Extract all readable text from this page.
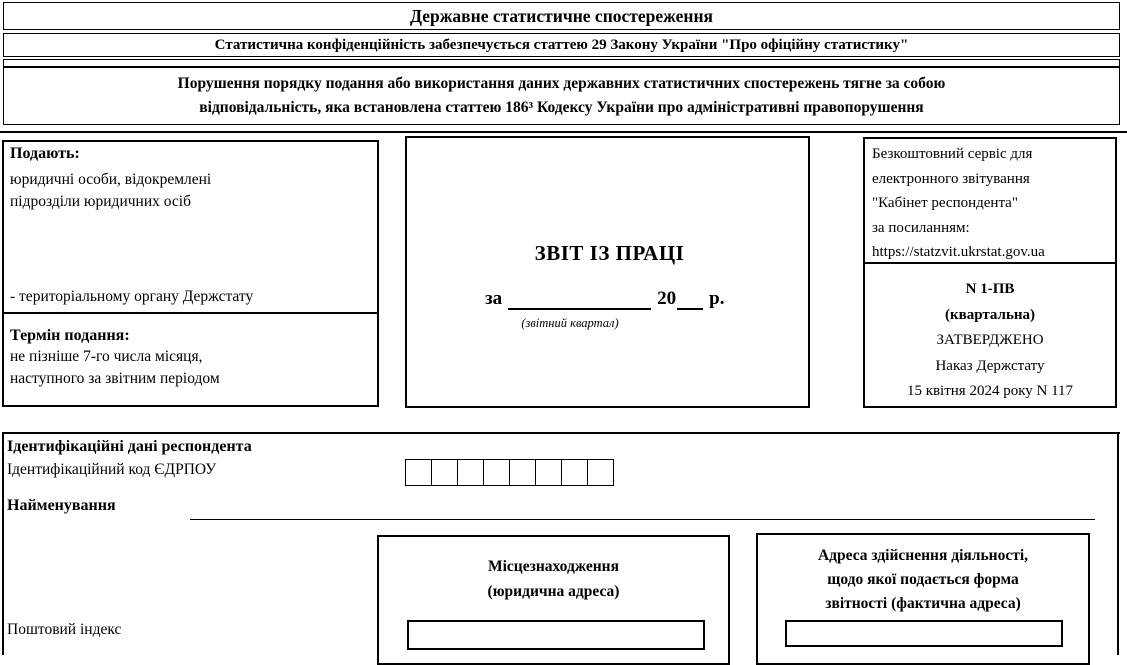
Державне статистичне спостереження
Статистична конфіденційність забезпечується статтею 29 Закону України "Про офіційну статистику"
Порушення порядку подання або використання даних державних статистичних спостережень тягне за собою
відповідальність, яка встановлена статтею 186³ Кодексу України про адміністративні правопорушення
Подають:
юридичні особи, відокремлені підрозділи юридичних осіб
- територіальному органу Держстату
Термін подання:
не пізніше 7-го числа місяця,
наступного за звітним періодом
ЗВІТ ІЗ ПРАЦІ
за	20 р.
(звітний квартал)
Безкоштовний сервіс для
електронного звітування
"Кабінет респондента"
за посиланням:
https://statzvit.ukrstat.gov.ua
N 1-ПВ
(квартальна)
ЗАТВЕРДЖЕНО
Наказ Держстату
15 квітня 2024 року N 117
Ідентифікаційні дані респондента
Ідентифікаційний код ЄДРПОУ
Найменування
Поштовий індекс
Місцезнаходження
(юридична адреса)
Адреса здійснення діяльності,
щодо якої подається форма
звітності (фактична адреса)
